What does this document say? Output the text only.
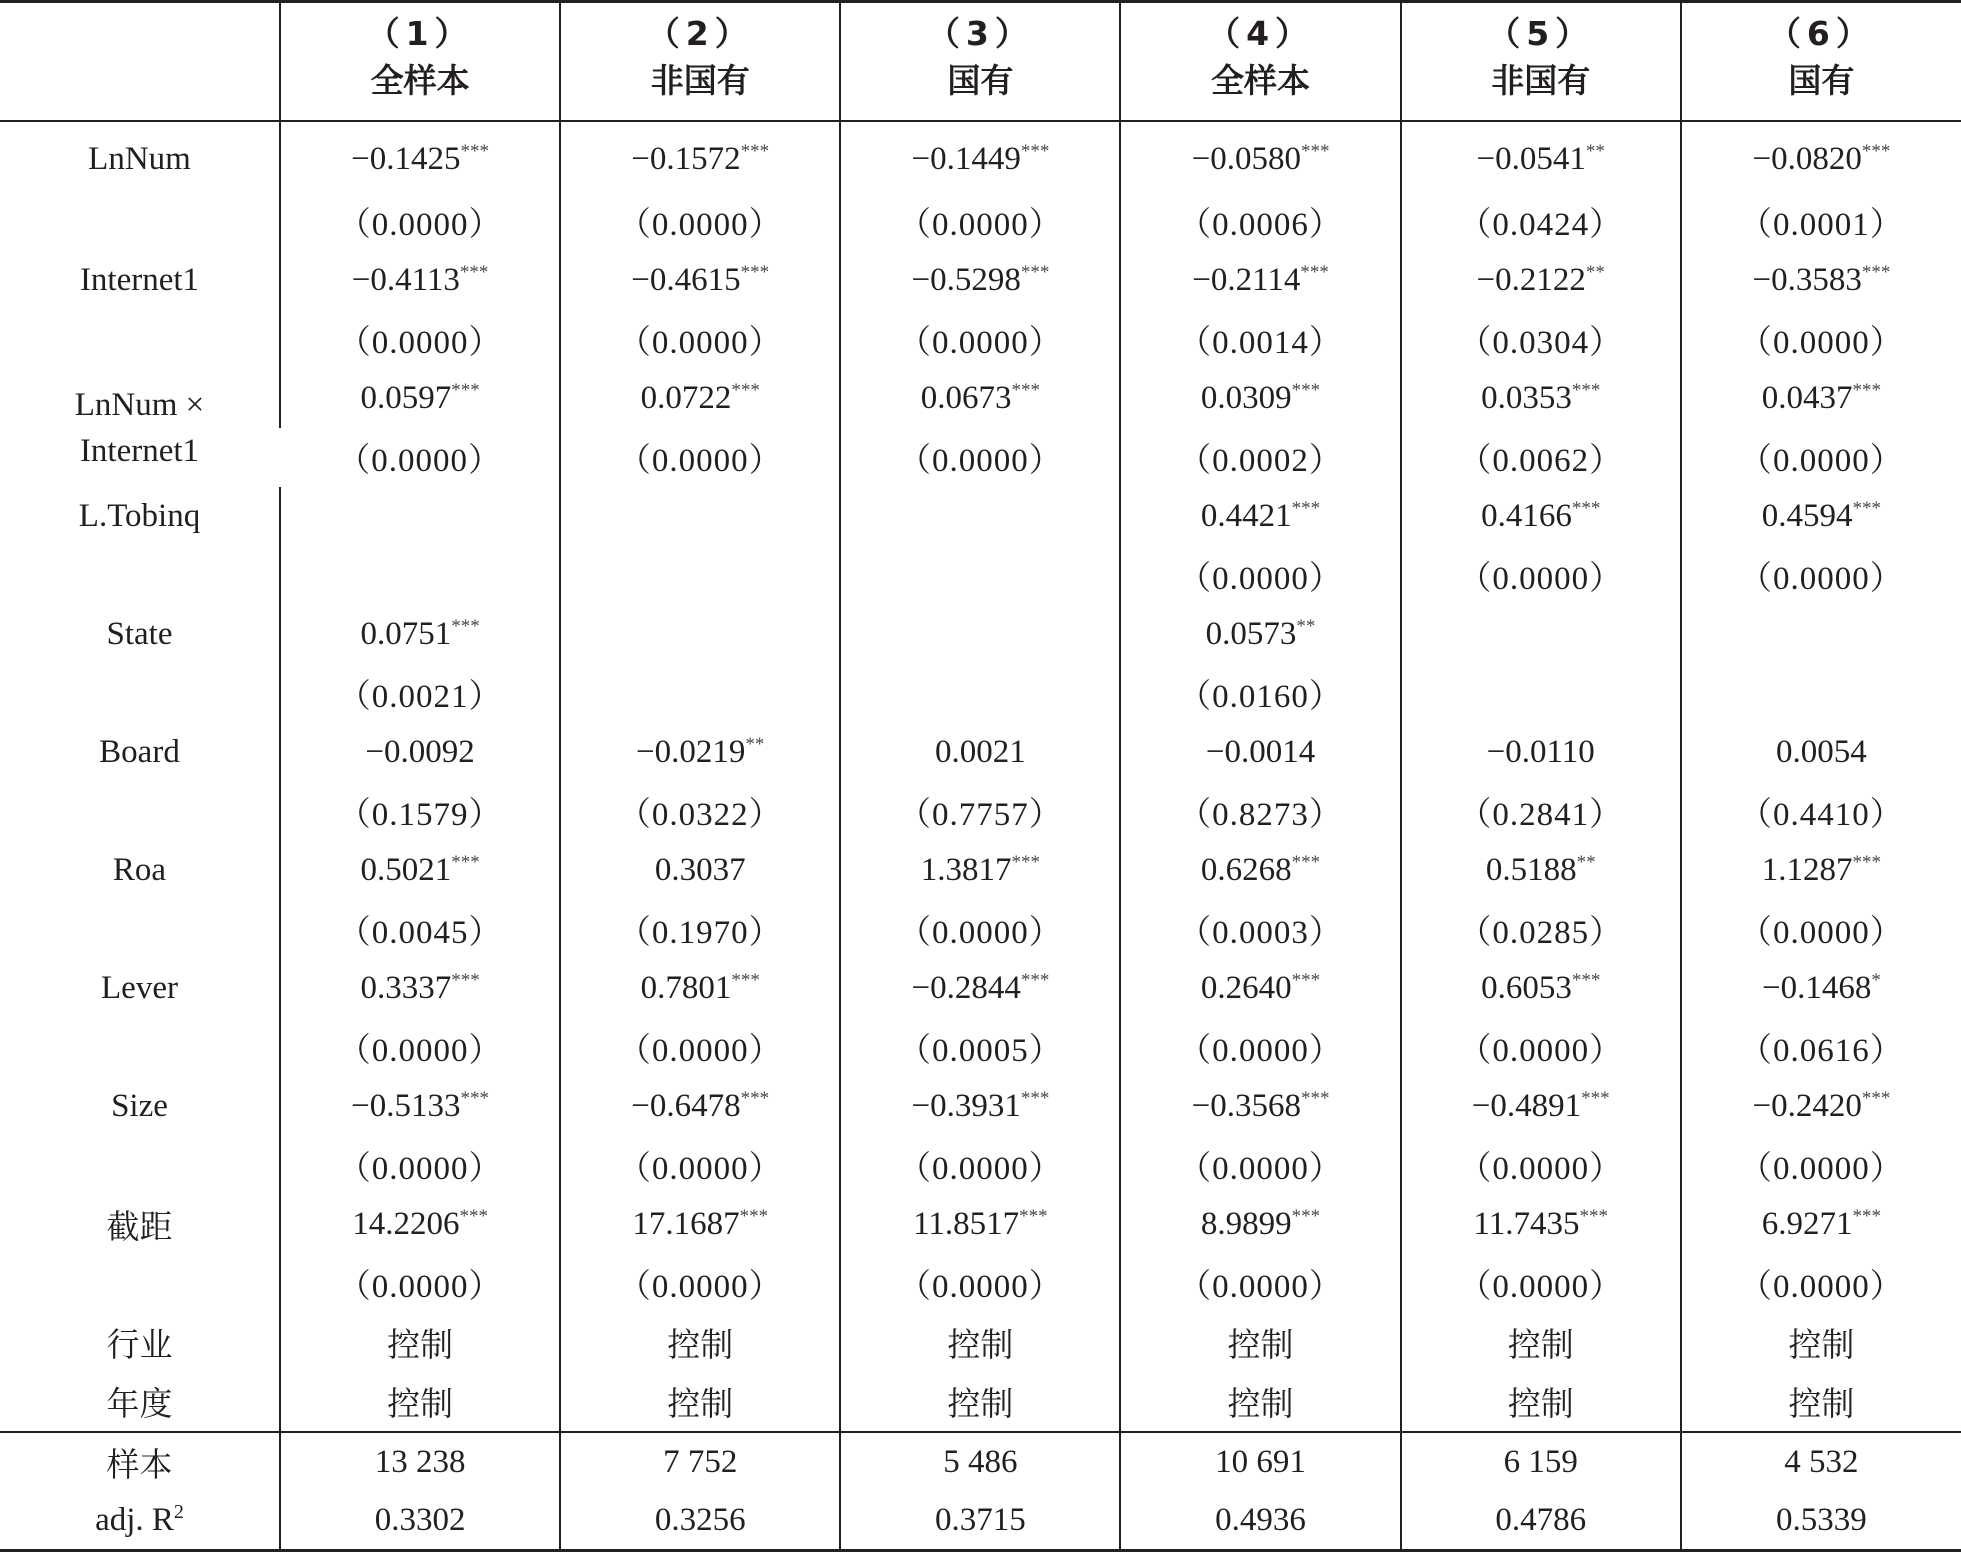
	（1）	（2）	（3）	（4）	（5）	（6）
	全样本	非国有	国有	全样本	非国有	国有
LnNum	−0.1425***	−0.1572***	−0.1449***	−0.0580***	−0.0541**	−0.0820***
	（0.0000）	（0.0000）	（0.0000）	（0.0006）	（0.0424）	（0.0001）
Internet1	−0.4113***	−0.4615***	−0.5298***	−0.2114***	−0.2122**	−0.3583***
	（0.0000）	（0.0000）	（0.0000）	（0.0014）	（0.0304）	（0.0000）

LnNum ×
Internet1	0.0597***	0.0722***	0.0673***	0.0309***	0.0353***	0.0437***
	（0.0000）	（0.0000）	（0.0000）	（0.0002）	（0.0062）	（0.0000）
L.Tobinq				0.4421***	0.4166***	0.4594***
				（0.0000）	（0.0000）	（0.0000）
State	0.0751***			0.0573**		
	（0.0021）			（0.0160）		
Board	−0.0092	−0.0219**	0.0021	−0.0014	−0.0110	0.0054
	（0.1579）	（0.0322）	（0.7757）	（0.8273）	（0.2841）	（0.4410）
Roa	0.5021***	0.3037	1.3817***	0.6268***	0.5188**	1.1287***
	（0.0045）	（0.1970）	（0.0000）	（0.0003）	（0.0285）	（0.0000）
Lever	0.3337***	0.7801***	−0.2844***	0.2640***	0.6053***	−0.1468*
	（0.0000）	（0.0000）	（0.0005）	（0.0000）	（0.0000）	（0.0616）
Size	−0.5133***	−0.6478***	−0.3931***	−0.3568***	−0.4891***	−0.2420***
	（0.0000）	（0.0000）	（0.0000）	（0.0000）	（0.0000）	（0.0000）
截距	14.2206***	17.1687***	11.8517***	8.9899***	11.7435***	6.9271***
	（0.0000）	（0.0000）	（0.0000）	（0.0000）	（0.0000）	（0.0000）
行业	控制	控制	控制	控制	控制	控制
年度	控制	控制	控制	控制	控制	控制
样本	13 238	7 752	5 486	10 691	6 159	4 532
adj. $R^2$	0.3302	0.3256	0.3715	0.4936	0.4786	0.5339
